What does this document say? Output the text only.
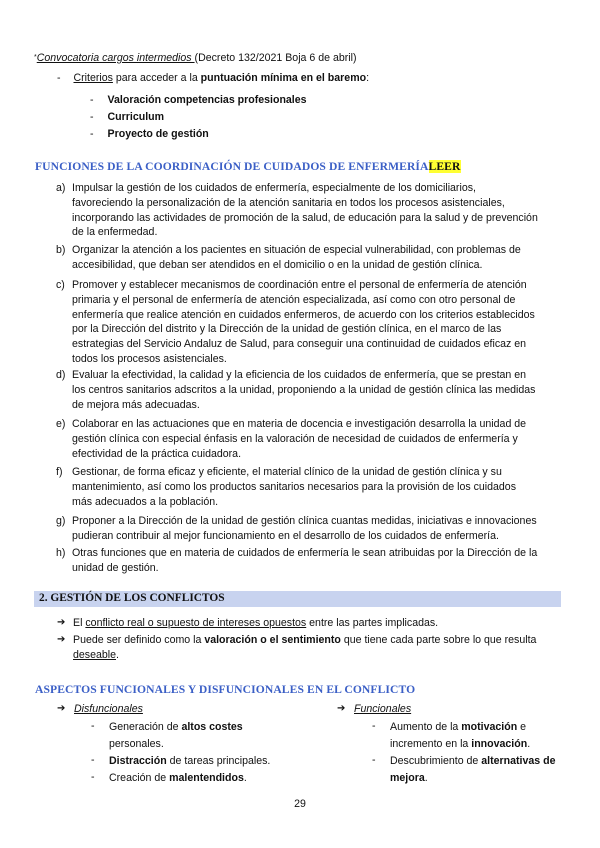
*Convocatoria cargos intermedios (Decreto 132/2021 Boja 6 de abril)
- Criterios para acceder a la puntuación mínima en el baremo:
- Valoración competencias profesionales
- Curriculum
- Proyecto de gestión
FUNCIONES DE LA COORDINACIÓN DE CUIDADOS DE ENFERMERÍALEER
a) Impulsar la gestión de los cuidados de enfermería, especialmente de los domiciliarios, favoreciendo la personalización de la atención sanitaria en todos los procesos asistenciales, incorporando las actividades de promoción de la salud, de educación para la salud y de prevención de la enfermedad.
b) Organizar la atención a los pacientes en situación de especial vulnerabilidad, con problemas de accesibilidad, que deban ser atendidos en el domicilio o en la unidad de gestión clínica.
c) Promover y establecer mecanismos de coordinación entre el personal de enfermería de atención primaria y el personal de enfermería de atención especializada, así como con otro personal de enfermería que realice atención en cuidados enfermeros, de acuerdo con los criterios establecidos por la Dirección del distrito y la Dirección de la unidad de gestión clínica, en el marco de las estrategias del Servicio Andaluz de Salud, para conseguir una continuidad de cuidados eficaz en todos los procesos asistenciales.
d) Evaluar la efectividad, la calidad y la eficiencia de los cuidados de enfermería, que se prestan en los centros sanitarios adscritos a la unidad, proponiendo a la unidad de gestión clínica las medidas de mejora más adecuadas.
e) Colaborar en las actuaciones que en materia de docencia e investigación desarrolla la unidad de gestión clínica con especial énfasis en la valoración de necesidad de cuidados de enfermería y efectividad de la práctica cuidadora.
f) Gestionar, de forma eficaz y eficiente, el material clínico de la unidad de gestión clínica y su mantenimiento, así como los productos sanitarios necesarios para la provisión de los cuidados más adecuados a la población.
g) Proponer a la Dirección de la unidad de gestión clínica cuantas medidas, iniciativas e innovaciones pudieran contribuir al mejor funcionamiento en el desarrollo de los cuidados de enfermería.
h) Otras funciones que en materia de cuidados de enfermería le sean atribuidas por la Dirección de la unidad de gestión.
2. GESTIÓN DE LOS CONFLICTOS
➔ El conflicto real o supuesto de intereses opuestos entre las partes implicadas.
➔ Puede ser definido como la valoración o el sentimiento que tiene cada parte sobre lo que resulta
deseable.
ASPECTOS FUNCIONALES Y DISFUNCIONALES EN EL CONFLICTO
➔ Disfuncionales
- Generación de altos costes
personales.
- Distracción de tareas principales.
- Creación de malentendidos.
➔ Funcionales
- Aumento de la motivación e
incremento en la innovación.
- Descubrimiento de alternativas de
mejora.
29
